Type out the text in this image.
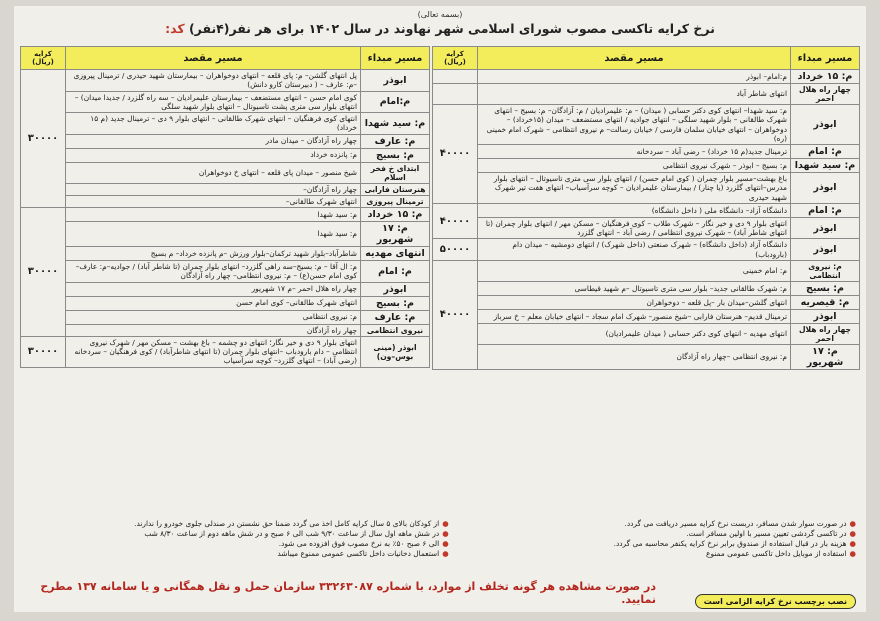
(بسمه تعالی)
نرخ کرایه تاکسی مصوب شورای اسلامی شهر نهاوند در سال ۱۴۰۲ برای هر نفر(۴نفر) کد:
مسیر مبداء	مسیر مقصد	کرایه (ریال)
م: ۱۵ خرداد	م:امام– ابوذر	
چهار راه هلال احمر	انتهای شاطر آباد	
ابوذر	م: سید شهدا– انتهای کوی دکتر حسابی ( میدان) – م: علیمرادیان / م: آزادگان– م: بسیج – انتهای شهرک طالقانی – بلوار شهید سلگی – انتهای جوادیه / انتهای مستضعف – میدان (۱۵خرداد) – دوخواهران – انتهای خیابان سلمان فارسی / خیابان رسالت– م نیروی انتظامی – شهرک امام خمینی (ره)	۴۰۰۰۰
م: امام	ترمینال جدید(م ۱۵ خرداد) – رضی آباد – سردخانه	
م: سید شهدا	م: بسیج – ابوذر – شهرک نیروی انتظامی	
ابوذر	باغ بهشت–مسیر بلوار چمران ( کوی امام حسن) / انتهای بلوار سی متری تاسیوتال – انتهای بلوار مدرس–انتهای گلزرد (یا چنار) / بیمارستان علیمرادیان – کوچه سرآسیاب– انتهای هفت تیر شهرک شهید حیدری	
م: امام	دانشگاه آزاد– دانشگاه ملی ( داخل دانشگاه)	۴۰۰۰۰
ابوذر	انتهای بلوار ۹ دی و خیر نگار – شهرک طلاب – کوی فرهنگیان – مسکن مهر / انتهای بلوار چمران (تا انتهای شاطر آباد) – شهرک نیروی انتظامی / رضی آباد – انتهای گلزرد	
ابوذر	دانشگاه آزاد (داخل دانشگاه) – شهرک صنعتی (داخل شهرک) / انتهای دومشیه – میدان دام (بارودباب)	۵۰۰۰۰
م: نیروی انتظامی	م: امام خمینی	۴۰۰۰۰
م: بسیج	م: شهرک طالقانی جدید– بلوار سی متری تاسیوتال –م شهید قیطاسی	
م: قیصریه	انتهای گلشن–میدان بار –پل قلعه – دوخواهران	
ابوذر	ترمینال قدیم– هنرستان فارابی –شیخ منصور– شهرک امام سجاد – انتهای خیابان معلم – خ سرباز	
چهار راه هلال احمر	انتهای مهدیه – انتهای کوی دکتر حسابی ( میدان علیمرادیان)	
م: ۱۷ شهریور	م: نیروی انتظامی –چهار راه آزادگان	
مسیر مبداء	مسیر مقصد	کرایه (ریال)
ابوذر	پل انتهای گلشن– م: پای قلعه – انتهای دوخواهران – بیمارستان شهید حیدری / ترمینال پیروزی –م: عارف – ( دبیرستان کارو دانش)	۳۰۰۰۰
م:امام	کوی امام حسن – انتهای مستضعف – بیمارستان علیمرادیان – سه راه گلزرد / جدیدا میدان) – انتهای بلوار سی متری پشت تاسیوتال – انتهای بلوار شهید سلگی	
م: سید شهدا	انتهای کوی فرهنگیان – انتهای شهرک طالقانی – انتهای بلوار ۹ دی – ترمینال جدید (م ۱۵ خرداد)	
م: عارف	چهار راه آزادگان – میدان مادر	
م: بسیج	م: پانزده خرداد	
ابتدای خ فخر اسلام	شیخ منصور – میدان پای قلعه – انتهای خ دوخواهران	
هنرستان فارابی	چهار راه آزادگان–	
ترمینال پیروزی	انتهای شهرک طالقانی–	
م: ۱۵ خرداد	م: سید شهدا	۳۰۰۰۰
م: ۱۷ شهریور	م: سید شهدا	
انتهای مهدیه	شاطرآباد–بلوار شهید ترکمان–بلوار ورزش –م پانزده خرداد– م بسیج	
م: امام	م: ال آقا – م: بسیج–سه راهی گلزرد– انتهای بلوار چمران (تا شاطر آباد) / جوادیه–م: عارف– کوی امام حسن(ع) – م: نیروی انتظامی– چهار راه آزادگان	
ابوذر	چهار راه هلال احمر –م ۱۷ شهریور	
م: بسیج	انتهای شهرک طالقانی– کوی امام حسن	
م: عارف	م: نیروی انتظامی	
نیروی انتظامی	چهار راه آزادگان	
ابوذر (مینی بوس–ون)	انتهای بلوار ۹ دی و خیر نگار؛ انتهای دو چشمه – باغ بهشت – مسکن مهر / شهرک نیروی انتظامی – دام بارودباب –انتهای بلوار چمران (تا انتهای شاطرآباد) / کوی فرهنگیان – سردخانه (رضی آباد) – انتهای گلزرد– کوچه سرآسیاب	۳۰۰۰۰
●در صورت سوار شدن مسافر، دربست نرخ کرایه مسیر دریافت می گردد.
●در تاکسی گردشی تعیین مسیر با اولین مسافر است.
●هزینه بار در قبال استفاده از صندوق برابر نرخ کرایه یکنفر محاسبه می گردد.
●استفاده از موبایل داخل تاکسی عمومی ممنوع

●از کودکان بالای ۵ سال کرایه کامل اخذ می گردد ضمنا حق نشستن در صندلی جلوی خودرو را ندارند.
●در شش ماهه اول سال از ساعت ۹/۳۰ شب الی ۶ صبح و در شش ماهه دوم از ساعت ۸/۳۰ شب
●الی ۶ صبح ۵۰٪ به نرخ مصوب فوق افزوده می شود.
●استعمال دخانیات داخل تاکسی عمومی ممنوع میباشد
در صورت مشاهده هر گونه تخلف از موارد، با شماره ۳۳۲۶۳۰۸۷ سازمان حمل و نقل همگانی و یا سامانه ۱۳۷ مطرح نمایید.	نصب برچسب نرخ کرایه الزامی است
